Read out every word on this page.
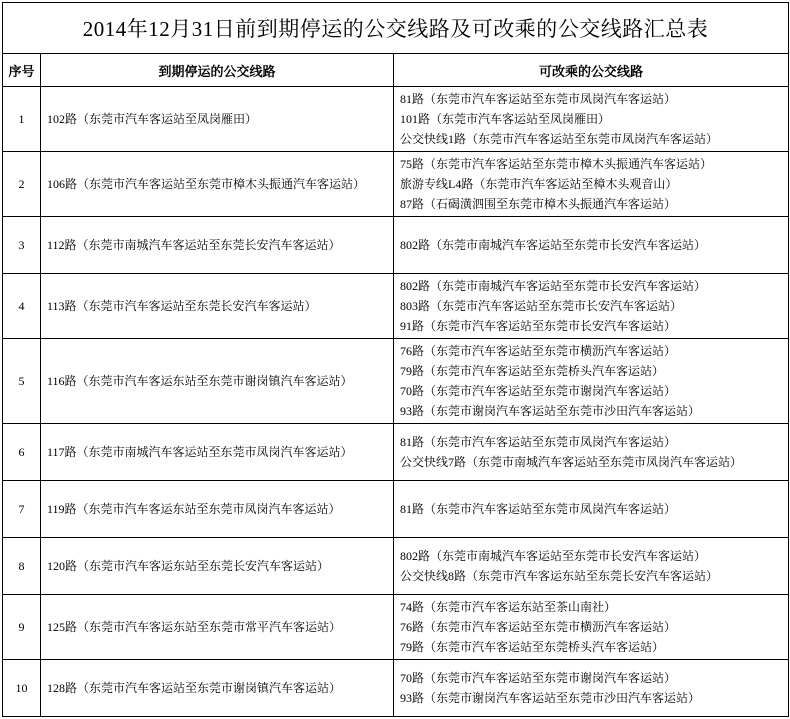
2014年12月31日前到期停运的公交线路及可改乘的公交线路汇总表		
序号	到期停运的公交线路	可改乘的公交线路
1	102路（东莞市汽车客运站至凤岗雁田）	81路（东莞市汽车客运站至东莞市凤岗汽车客运站）
101路（东莞市汽车客运站至凤岗雁田）
公交快线1路（东莞市汽车客运站至东莞市凤岗汽车客运站）

2	106路（东莞市汽车客运站至东莞市樟木头振通汽车客运站）	75路（东莞市汽车客运站至东莞市樟木头振通汽车客运站）
旅游专线L4路（东莞市汽车客运站至樟木头观音山）
87路（石碣潢泗围至东莞市樟木头振通汽车客运站）

3	112路（东莞市南城汽车客运站至东莞长安汽车客运站）	802路（东莞市南城汽车客运站至东莞市长安汽车客运站）

4	113路（东莞市汽车客运站至东莞长安汽车客运站）	802路（东莞市南城汽车客运站至东莞市长安汽车客运站）
803路（东莞市汽车客运站至东莞市长安汽车客运站）
91路（东莞市汽车客运站至东莞市长安汽车客运站）

5	116路（东莞市汽车客运东站至东莞市谢岗镇汽车客运站）	76路（东莞市汽车客运站至东莞市横沥汽车客运站）
79路（东莞市汽车客运站至东莞桥头汽车客运站）
70路（东莞市汽车客运站至东莞市谢岗汽车客运站）
93路（东莞市谢岗汽车客运站至东莞市沙田汽车客运站）

6	117路（东莞市南城汽车客运站至东莞市凤岗汽车客运站）	81路（东莞市汽车客运站至东莞市凤岗汽车客运站）
公交快线7路（东莞市南城汽车客运站至东莞市凤岗汽车客运站）

7	119路（东莞市汽车客运东站至东莞市凤岗汽车客运站）	81路（东莞市汽车客运站至东莞市凤岗汽车客运站）

8	120路（东莞市汽车客运东站至东莞长安汽车客运站）	802路（东莞市南城汽车客运站至东莞市长安汽车客运站）
公交快线8路（东莞市汽车客运东站至东莞长安汽车客运站）

9	125路（东莞市汽车客运东站至东莞市常平汽车客运站）	74路（东莞市汽车客运东站至茶山南社）
76路（东莞市汽车客运站至东莞市横沥汽车客运站）
79路（东莞市汽车客运站至东莞桥头汽车客运站）

10	128路（东莞市汽车客运站至东莞市谢岗镇汽车客运站）	70路（东莞市汽车客运站至东莞市谢岗汽车客运站）
93路（东莞市谢岗汽车客运站至东莞市沙田汽车客运站）
